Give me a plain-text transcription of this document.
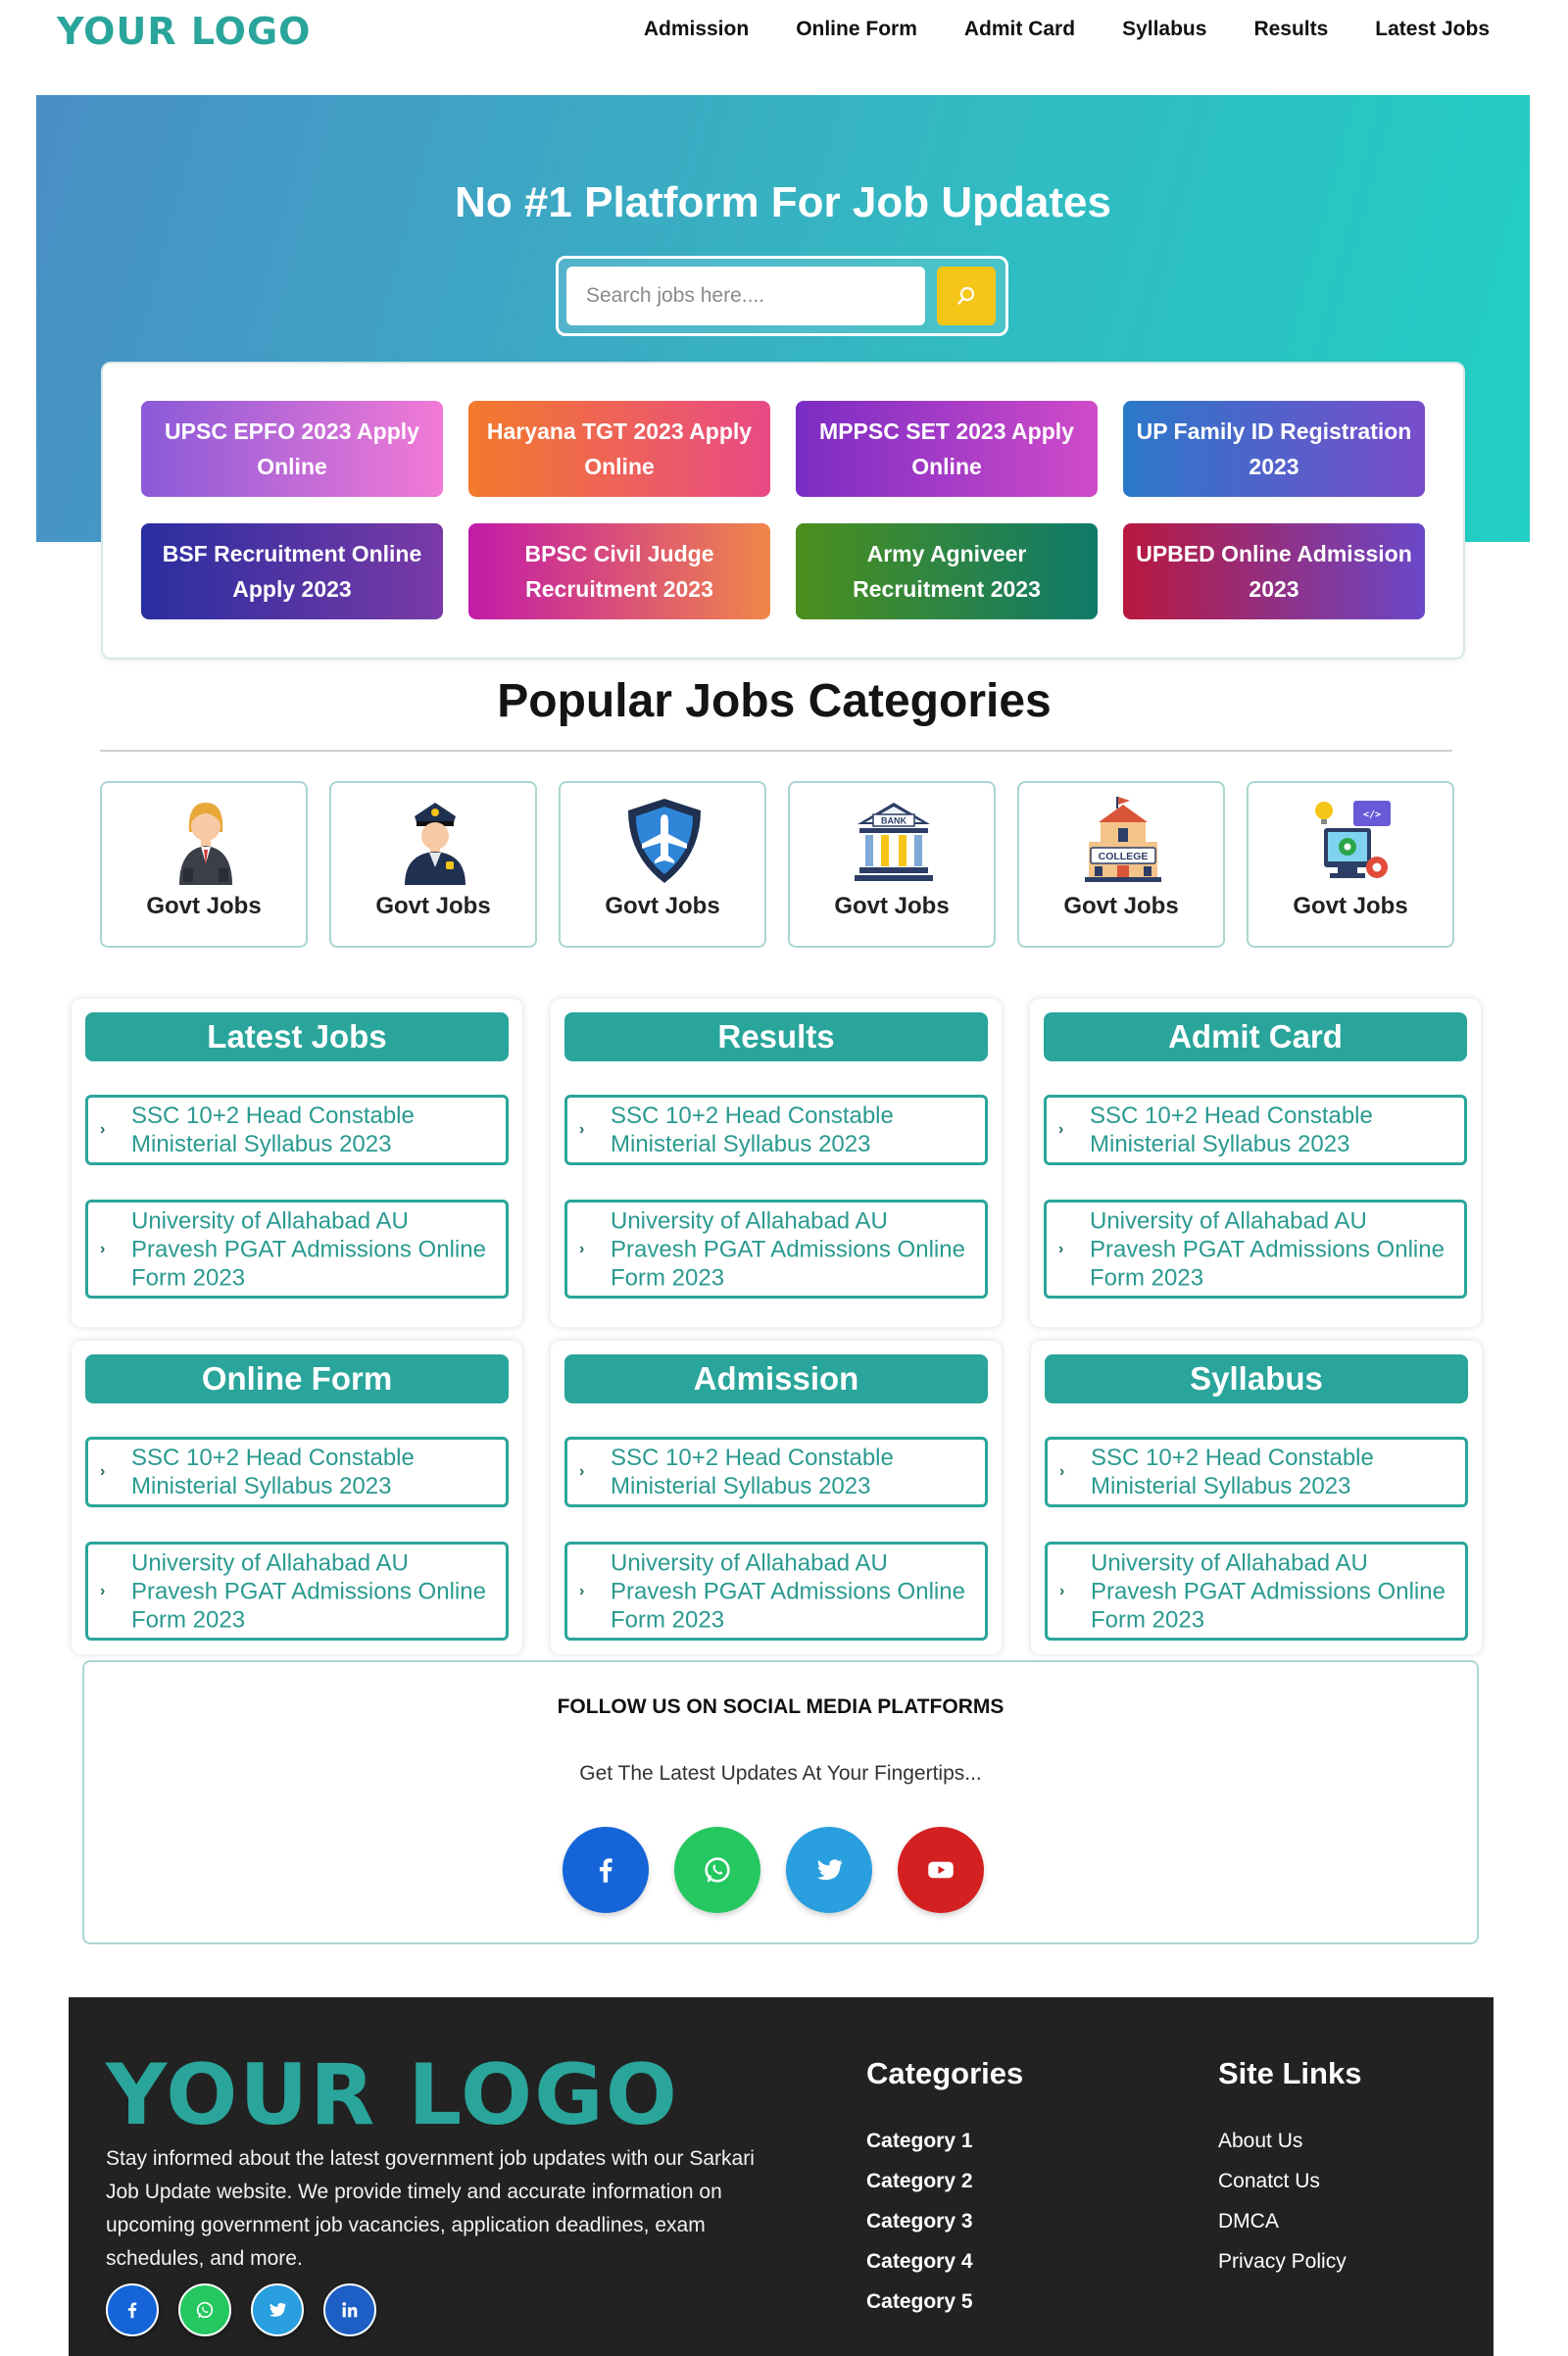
YOUR LOGO	Admission Online Form Admit Card Syllabus Results Latest Jobs
No #1 Platform For Job Updates
Search jobs here....
UPSC EPFO 2023 Apply Online
Haryana TGT 2023 Apply Online
MPPSC SET 2023 Apply Online
UP Family ID Registration 2023
BSF Recruitment Online Apply 2023
BPSC Civil Judge Recruitment 2023
Army Agniveer Recruitment 2023
UPBED Online Admission 2023
Popular Jobs Categories
Govt Jobs	Govt Jobs	Govt Jobs
BANK
Govt Jobs
COLLEGE
Govt Jobs
</>
Govt Jobs
Latest Jobs
›
SSC 10+2 Head Constable Ministerial Syllabus 2023
›
University of Allahabad AU Pravesh PGAT Admissions Online Form 2023
Results
›
SSC 10+2 Head Constable Ministerial Syllabus 2023
›
University of Allahabad AU Pravesh PGAT Admissions Online Form 2023
Admit Card
›
SSC 10+2 Head Constable Ministerial Syllabus 2023
›
University of Allahabad AU Pravesh PGAT Admissions Online Form 2023
Online Form
›
SSC 10+2 Head Constable Ministerial Syllabus 2023
›
University of Allahabad AU Pravesh PGAT Admissions Online Form 2023
Admission
›
SSC 10+2 Head Constable Ministerial Syllabus 2023
›
University of Allahabad AU Pravesh PGAT Admissions Online Form 2023
Syllabus
›
SSC 10+2 Head Constable Ministerial Syllabus 2023
›
University of Allahabad AU Pravesh PGAT Admissions Online Form 2023
FOLLOW US ON SOCIAL MEDIA PLATFORMS
Get The Latest Updates At Your Fingertips...
YOUR LOGO
Stay informed about the latest government job updates with our Sarkari Job Update website. We provide timely and accurate information on upcoming government job vacancies, application deadlines, exam schedules, and more.
Categories
Category 1
Category 2
Category 3
Category 4
Category 5
Site Links
About Us
Conatct Us
DMCA
Privacy Policy
